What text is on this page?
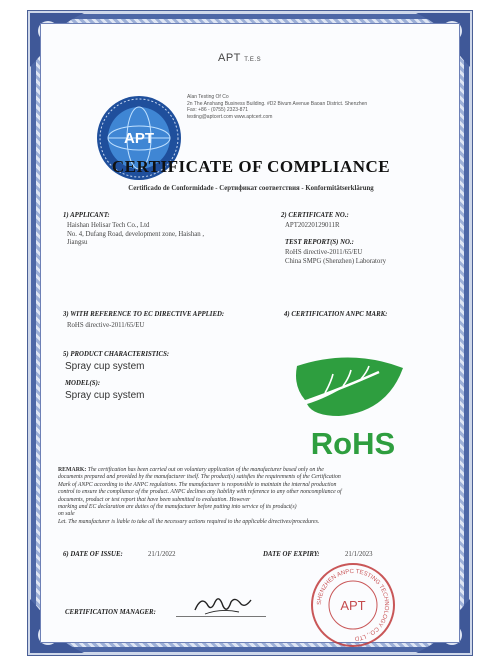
APT T.E.S
Alan Testing Of Co
2n The Anshang Business Building. #D2 Bivum Avenue Baoan District. Shenzhen
Fax: +86 - (0755) 2323-871
testing@aptcert.com www.aptcert.com
APT
CERTIFICATE OF COMPLIANCE
Certificado de Conformidade - Сертификат соответствия - Konformitätserklärung
1) APPLICANT:
Haishan Helisar Tech Co., Ltd
No. 4, Dufang Road, development zone, Haishan ,
Jiangsu
2) CERTIFICATE NO.:
APT20220129011R
TEST REPORT(S) NO.:
RoHS directive-2011/65/EU
China SMPG (Shenzhen) Laboratory
3) WITH REFERENCE TO EC DIRECTIVE APPLIED:
RoHS directive-2011/65/EU
4) CERTIFICATION ANPC MARK:
5) PRODUCT CHARACTERISTICS:
Spray cup system
MODEL(S):
Spray cup system
RoHS
REMARK: The certification has been carried out on voluntary application of the manufacturer based only on the
documents prepared and provided by the manufacturer itself. The product(s) satisfies the requirements of the Certification
Mark of ANPC according to the ANPC regulations. The manufacturer is responsible to maintain the internal production
control to ensure the compliance of the product. ANPC declines any liability with reference to any other noncompliance of
documents, product or test report that have been submitted to evaluation. However
marking and EC declaration are duties of the manufacturer before putting into service of its product(s)
on sale
Let. The manufacturer is liable to take all the necessary actions required to the applicable directives/procedures.
6) DATE OF ISSUE:	21/1/2022	DATE OF EXPIRY:	21/1/2023
CERTIFICATION MANAGER:
SHENZHEN ANPC TESTING TECHNOLOGY CO., LTD
APT
